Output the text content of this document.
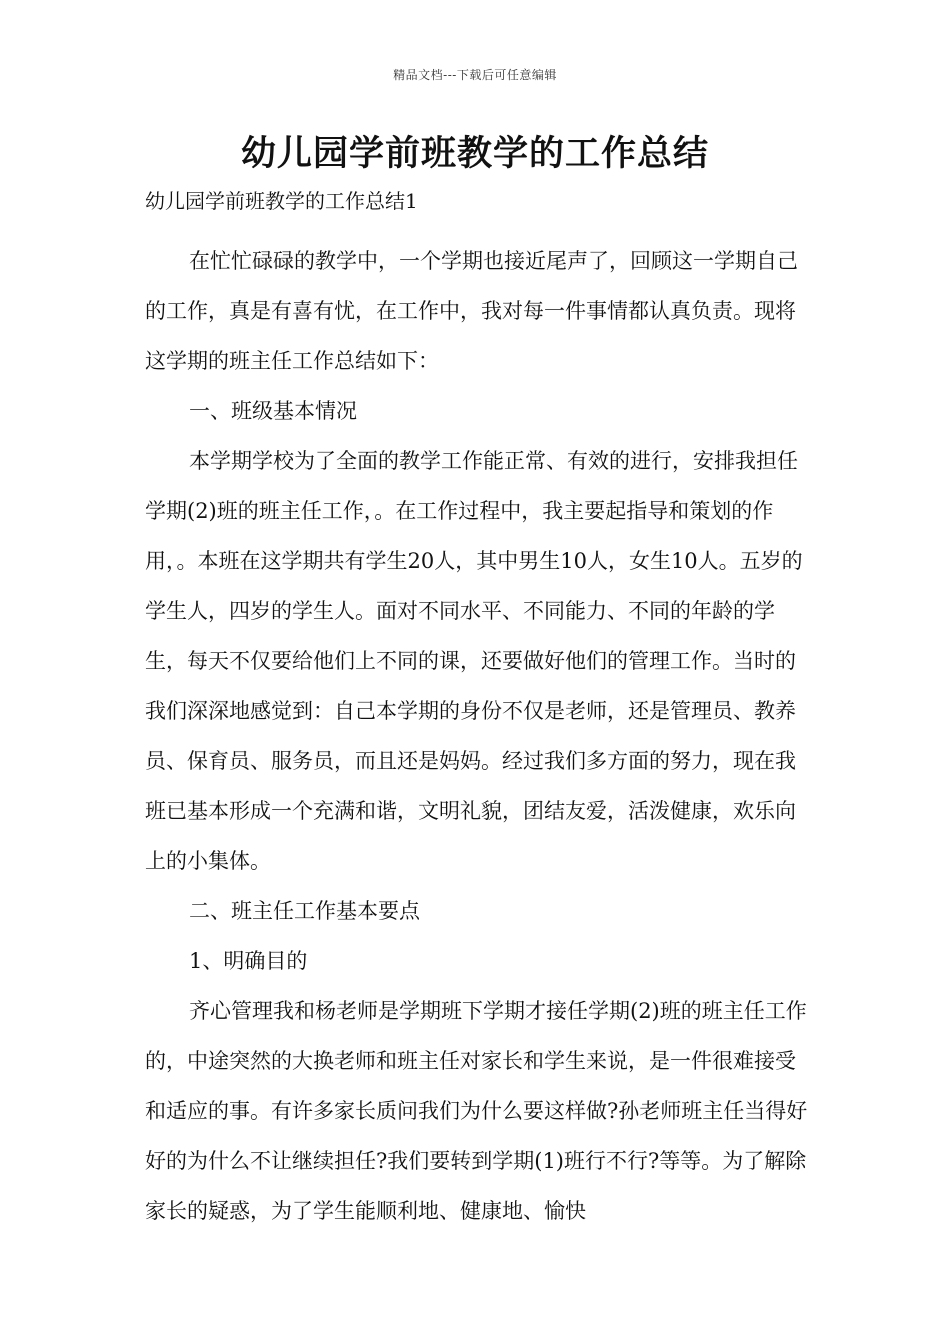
精品文档---下载后可任意编辑
幼儿园学前班教学的工作总结

幼儿园学前班教学的工作总结1

在忙忙碌碌的教学中，一个学期也接近尾声了，回顾这一学期自己的工作，真是有喜有忧，在工作中，我对每一件事情都认真负责。现将这学期的班主任工作总结如下：

一、班级基本情况

本学期学校为了全面的教学工作能正常、有效的进行，安排我担任学期(2)班的班主任工作，。在工作过程中，我主要起指导和策划的作用，。本班在这学期共有学生20人，其中男生10人，女生10人。五岁的学生人，四岁的学生人。面对不同水平、不同能力、不同的年龄的学生，每天不仅要给他们上不同的课，还要做好他们的管理工作。当时的我们深深地感觉到：自己本学期的身份不仅是老师，还是管理员、教养员、保育员、服务员，而且还是妈妈。经过我们多方面的努力，现在我班已基本形成一个充满和谐，文明礼貌，团结友爱，活泼健康，欢乐向上的小集体。

二、班主任工作基本要点

1、明确目的

齐心管理我和杨老师是学期班下学期才接任学期(2)班的班主任工作的，中途突然的大换老师和班主任对家长和学生来说，是一件很难接受和适应的事。有许多家长质问我们为什么要这样做?孙老师班主任当得好好的为什么不让继续担任?我们要转到学期(1)班行不行?等等。为了解除家长的疑惑，为了学生能顺利地、健康地、愉快
